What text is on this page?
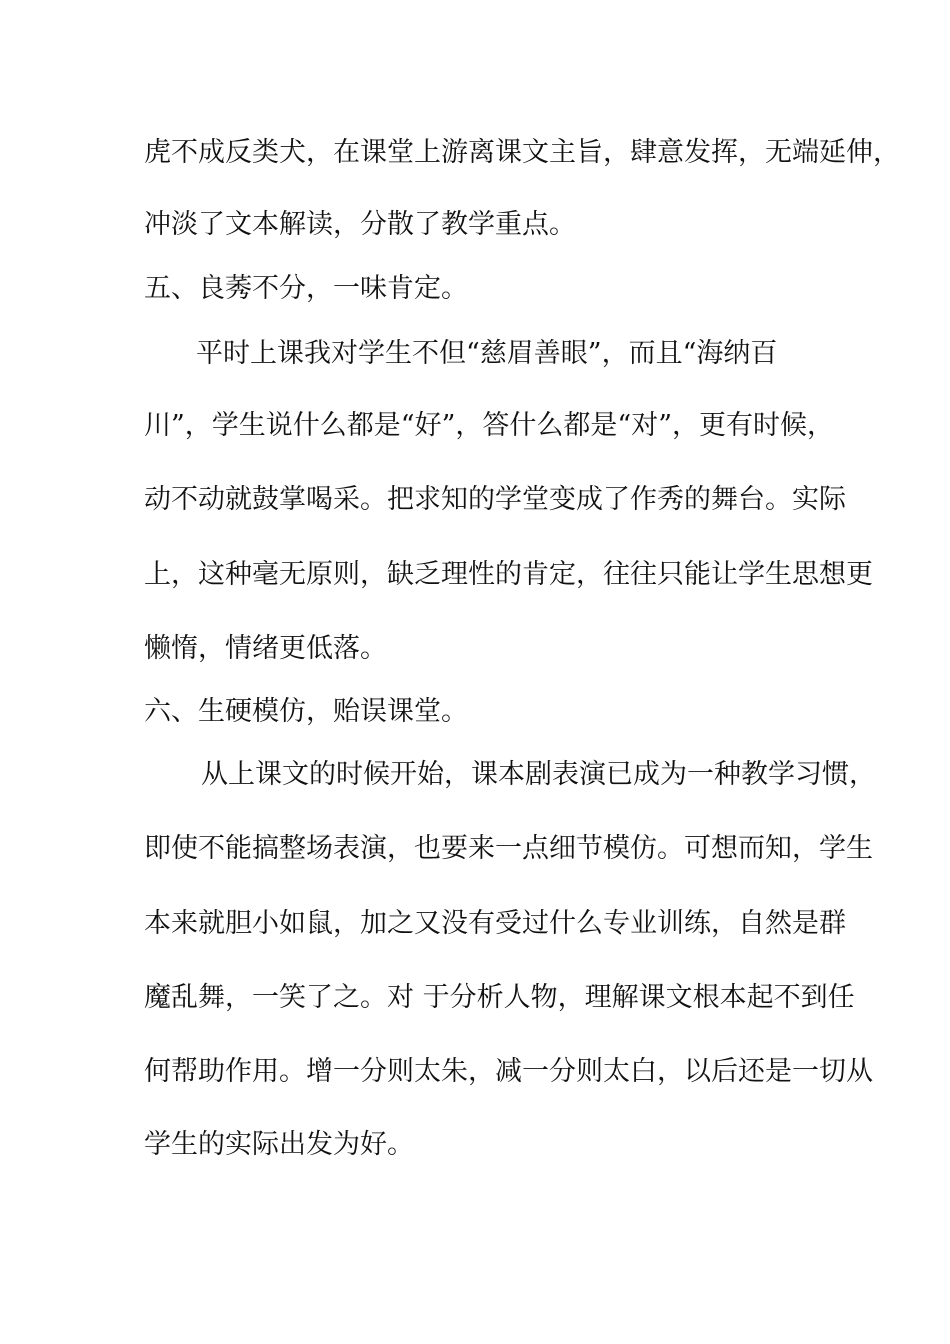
虎不成反类犬，在课堂上游离课文主旨，肆意发挥，无端延伸，
冲淡了文本解读，分散了教学重点。
五、良莠不分，一味肯定。
平时上课我对学生不但“慈眉善眼”，而且“海纳百
川”，学生说什么都是“好”，答什么都是“对”，更有时候，
动不动就鼓掌喝采。把求知的学堂变成了作秀的舞台。实际
上，这种毫无原则，缺乏理性的肯定，往往只能让学生思想更
懒惰，情绪更低落。
六、生硬模仿，贻误课堂。
从上课文的时候开始，课本剧表演已成为一种教学习惯，
即使不能搞整场表演，也要来一点细节模仿。可想而知，学生
本来就胆小如鼠，加之又没有受过什么专业训练，自然是群
魔乱舞，一笑了之。对 于分析人物，理解课文根本起不到任
何帮助作用。增一分则太朱，减一分则太白，以后还是一切从
学生的实际出发为好。
